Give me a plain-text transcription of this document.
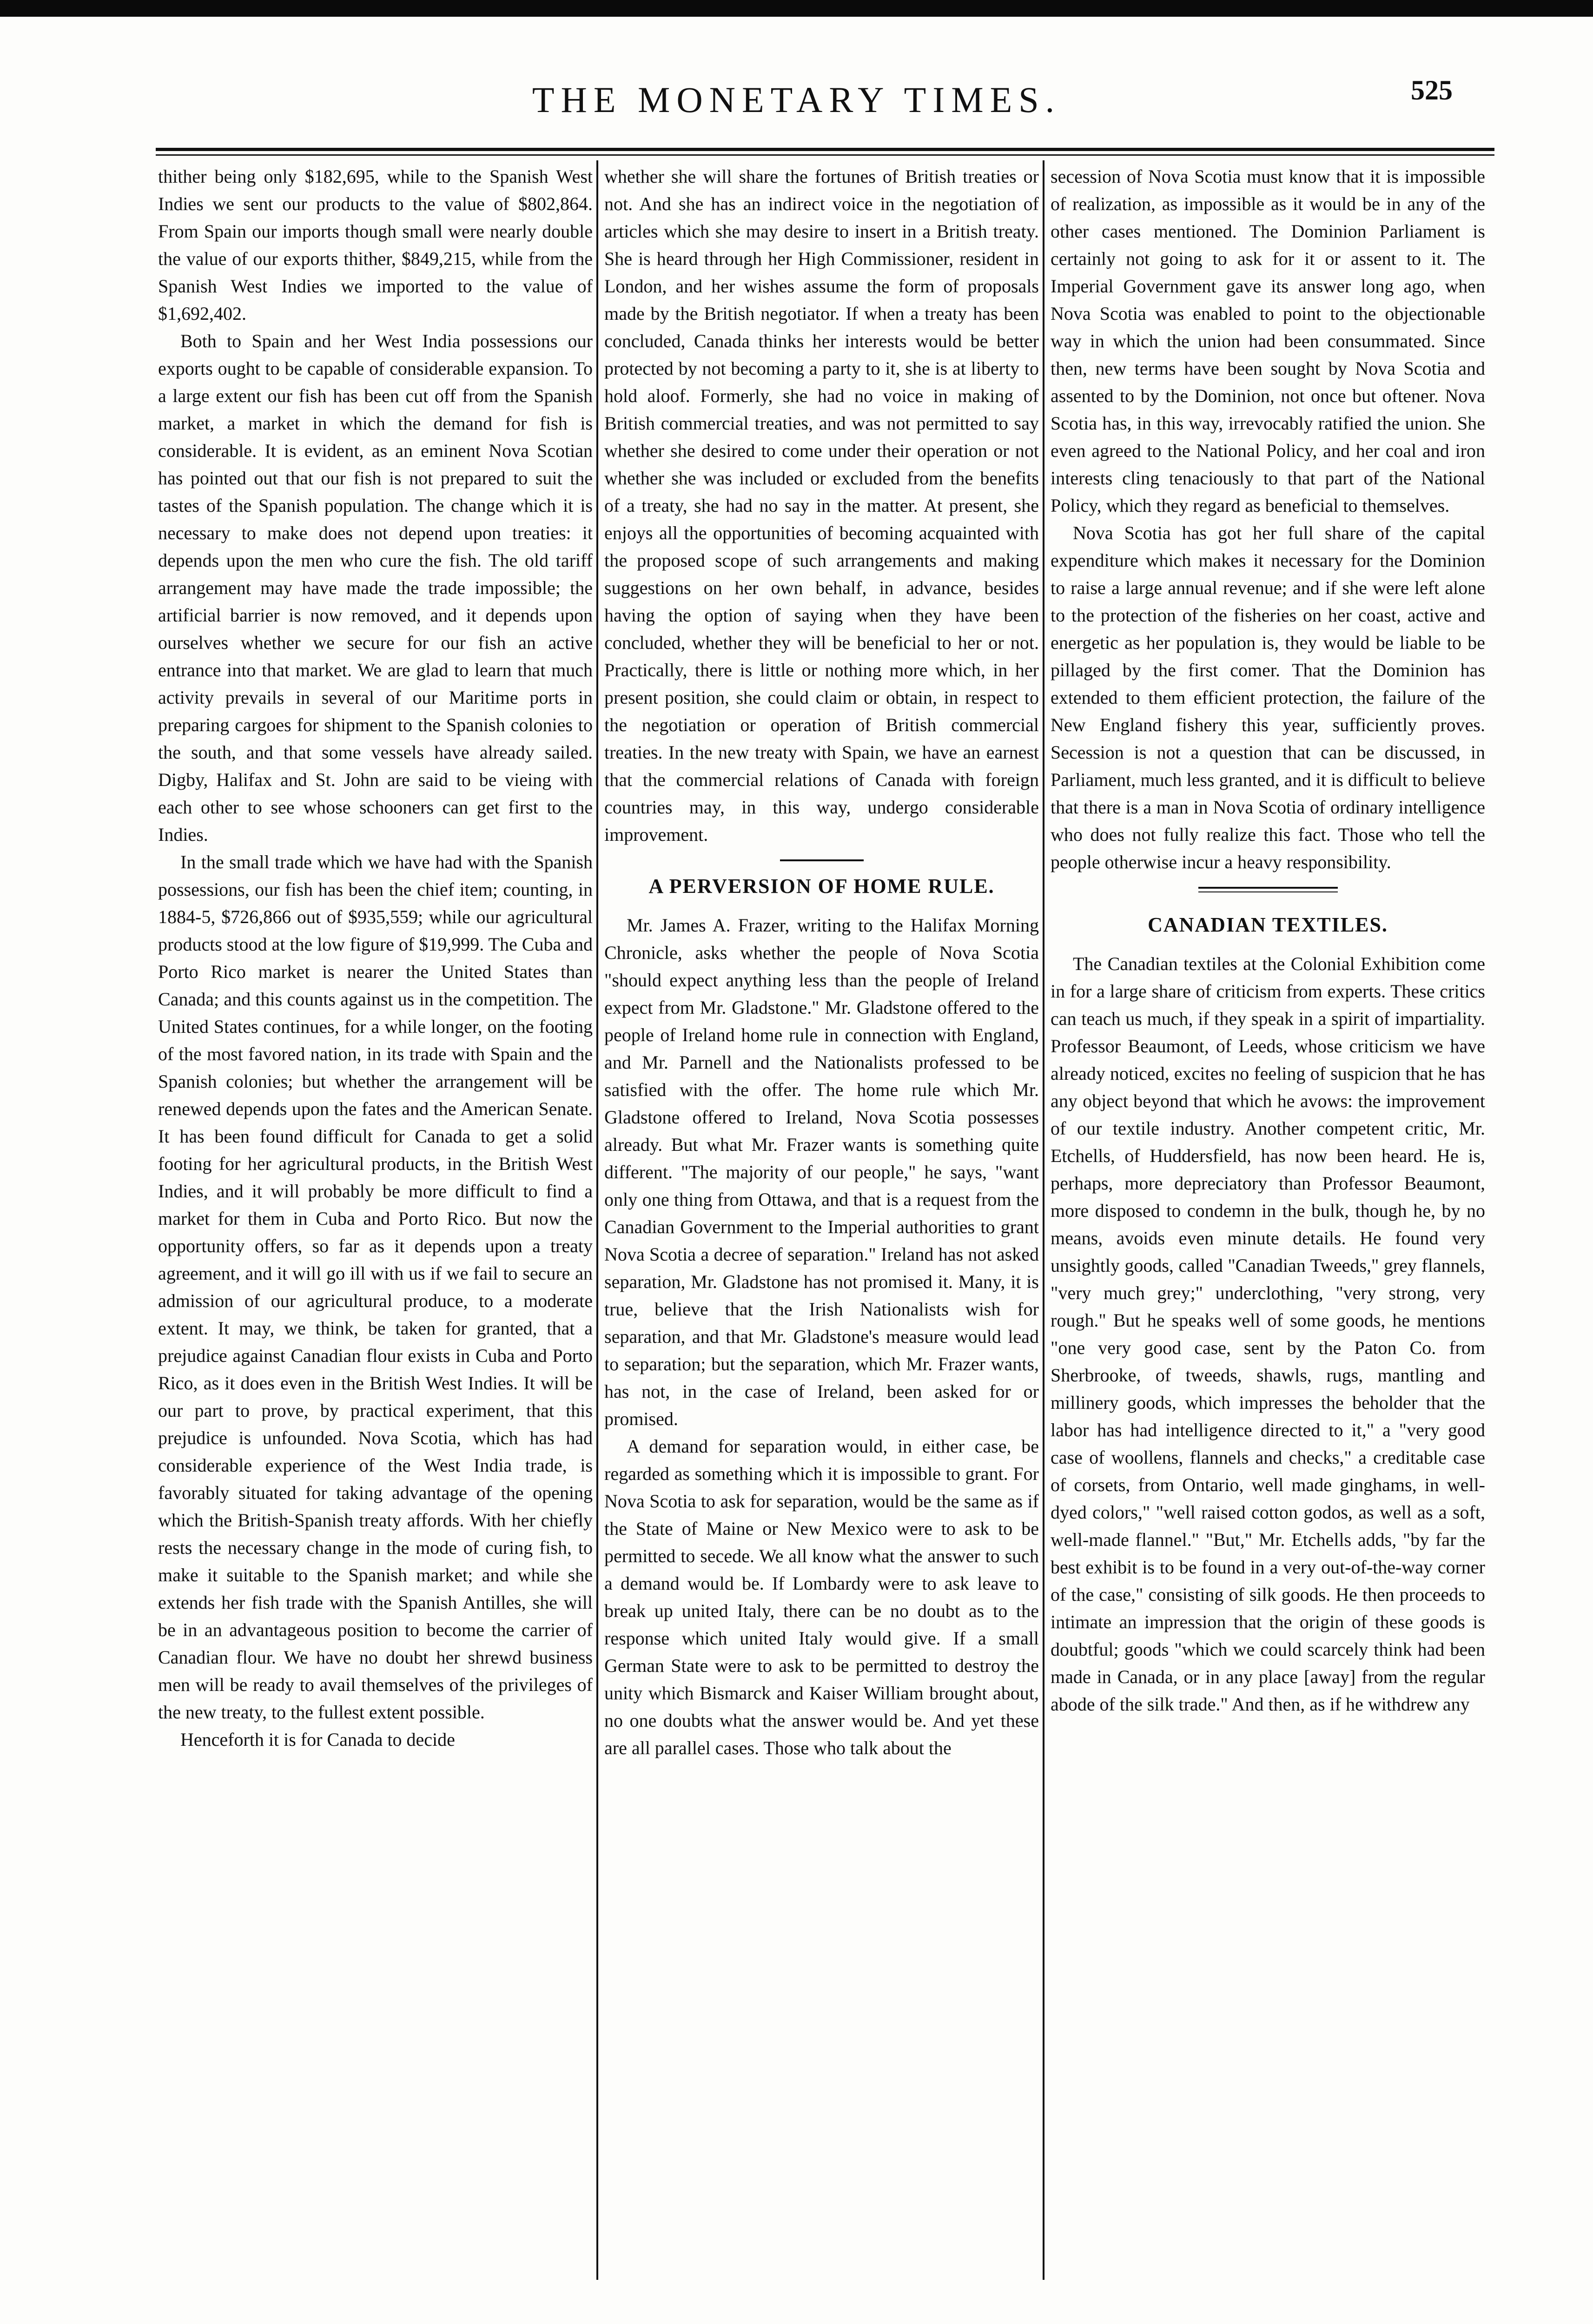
THE MONETARY TIMES.	525

thither being only $182,695, while to the Spanish West Indies we sent our products to the value of $802,864. From Spain our imports though small were nearly double the value of our exports thither, $849,215, while from the Spanish West Indies we imported to the value of $1,692,402.

Both to Spain and her West India possessions our exports ought to be capable of considerable expansion. To a large extent our fish has been cut off from the Spanish market, a market in which the demand for fish is considerable. It is evident, as an eminent Nova Scotian has pointed out that our fish is not prepared to suit the tastes of the Spanish population. The change which it is necessary to make does not depend upon treaties: it depends upon the men who cure the fish. The old tariff arrangement may have made the trade impossible; the artificial barrier is now removed, and it depends upon ourselves whether we secure for our fish an active entrance into that market. We are glad to learn that much activity prevails in several of our Maritime ports in preparing cargoes for shipment to the Spanish colonies to the south, and that some vessels have already sailed. Digby, Halifax and St. John are said to be vieing with each other to see whose schooners can get first to the Indies.

In the small trade which we have had with the Spanish possessions, our fish has been the chief item; counting, in 1884-5, $726,866 out of $935,559; while our agricultural products stood at the low figure of $19,999. The Cuba and Porto Rico market is nearer the United States than Canada; and this counts against us in the competition. The United States continues, for a while longer, on the footing of the most favored nation, in its trade with Spain and the Spanish colonies; but whether the arrangement will be renewed depends upon the fates and the American Senate. It has been found difficult for Canada to get a solid footing for her agricultural products, in the British West Indies, and it will probably be more difficult to find a market for them in Cuba and Porto Rico. But now the opportunity offers, so far as it depends upon a treaty agreement, and it will go ill with us if we fail to secure an admission of our agricultural produce, to a moderate extent. It may, we think, be taken for granted, that a prejudice against Canadian flour exists in Cuba and Porto Rico, as it does even in the British West Indies. It will be our part to prove, by practical experiment, that this prejudice is unfounded. Nova Scotia, which has had considerable experience of the West India trade, is favorably situated for taking advantage of the opening which the British-Spanish treaty affords. With her chiefly rests the necessary change in the mode of curing fish, to make it suitable to the Spanish market; and while she extends her fish trade with the Spanish Antilles, she will be in an advantageous position to become the carrier of Canadian flour. We have no doubt her shrewd business men will be ready to avail themselves of the privileges of the new treaty, to the fullest extent possible.

Henceforth it is for Canada to decide

whether she will share the fortunes of British treaties or not. And she has an indirect voice in the negotiation of articles which she may desire to insert in a British treaty. She is heard through her High Commissioner, resident in London, and her wishes assume the form of proposals made by the British negotiator. If when a treaty has been concluded, Canada thinks her interests would be better protected by not becoming a party to it, she is at liberty to hold aloof. Formerly, she had no voice in making of British commercial treaties, and was not permitted to say whether she desired to come under their operation or not whether she was included or excluded from the benefits of a treaty, she had no say in the matter. At present, she enjoys all the opportunities of becoming acquainted with the proposed scope of such arrangements and making suggestions on her own behalf, in advance, besides having the option of saying when they have been concluded, whether they will be beneficial to her or not. Practically, there is little or nothing more which, in her present position, she could claim or obtain, in respect to the negotiation or operation of British commercial treaties. In the new treaty with Spain, we have an earnest that the commercial relations of Canada with foreign countries may, in this way, undergo considerable improvement.

A PERVERSION OF HOME RULE.

Mr. James A. Frazer, writing to the Halifax Morning Chronicle, asks whether the people of Nova Scotia "should expect anything less than the people of Ireland expect from Mr. Gladstone." Mr. Gladstone offered to the people of Ireland home rule in connection with England, and Mr. Parnell and the Nationalists professed to be satisfied with the offer. The home rule which Mr. Gladstone offered to Ireland, Nova Scotia possesses already. But what Mr. Frazer wants is something quite different. "The majority of our people," he says, "want only one thing from Ottawa, and that is a request from the Canadian Government to the Imperial authorities to grant Nova Scotia a decree of separation." Ireland has not asked separation, Mr. Gladstone has not promised it. Many, it is true, believe that the Irish Nationalists wish for separation, and that Mr. Gladstone's measure would lead to separation; but the separation, which Mr. Frazer wants, has not, in the case of Ireland, been asked for or promised.

A demand for separation would, in either case, be regarded as something which it is impossible to grant. For Nova Scotia to ask for separation, would be the same as if the State of Maine or New Mexico were to ask to be permitted to secede. We all know what the answer to such a demand would be. If Lombardy were to ask leave to break up united Italy, there can be no doubt as to the response which united Italy would give. If a small German State were to ask to be permitted to destroy the unity which Bismarck and Kaiser William brought about, no one doubts what the answer would be. And yet these are all parallel cases. Those who talk about the

secession of Nova Scotia must know that it is impossible of realization, as impossible as it would be in any of the other cases mentioned. The Dominion Parliament is certainly not going to ask for it or assent to it. The Imperial Government gave its answer long ago, when Nova Scotia was enabled to point to the objectionable way in which the union had been consummated. Since then, new terms have been sought by Nova Scotia and assented to by the Dominion, not once but oftener. Nova Scotia has, in this way, irrevocably ratified the union. She even agreed to the National Policy, and her coal and iron interests cling tenaciously to that part of the National Policy, which they regard as beneficial to themselves.

Nova Scotia has got her full share of the capital expenditure which makes it necessary for the Dominion to raise a large annual revenue; and if she were left alone to the protection of the fisheries on her coast, active and energetic as her population is, they would be liable to be pillaged by the first comer. That the Dominion has extended to them efficient protection, the failure of the New England fishery this year, sufficiently proves. Secession is not a question that can be discussed, in Parliament, much less granted, and it is difficult to believe that there is a man in Nova Scotia of ordinary intelligence who does not fully realize this fact. Those who tell the people otherwise incur a heavy responsibility.

CANADIAN TEXTILES.

The Canadian textiles at the Colonial Exhibition come in for a large share of criticism from experts. These critics can teach us much, if they speak in a spirit of impartiality. Professor Beaumont, of Leeds, whose criticism we have already noticed, excites no feeling of suspicion that he has any object beyond that which he avows: the improvement of our textile industry. Another competent critic, Mr. Etchells, of Huddersfield, has now been heard. He is, perhaps, more depreciatory than Professor Beaumont, more disposed to condemn in the bulk, though he, by no means, avoids even minute details. He found very unsightly goods, called "Canadian Tweeds," grey flannels, "very much grey;" underclothing, "very strong, very rough." But he speaks well of some goods, he mentions "one very good case, sent by the Paton Co. from Sherbrooke, of tweeds, shawls, rugs, mantling and millinery goods, which impresses the beholder that the labor has had intelligence directed to it," a "very good case of woollens, flannels and checks," a creditable case of corsets, from Ontario, well made ginghams, in well-dyed colors," "well raised cotton godos, as well as a soft, well-made flannel." "But," Mr. Etchells adds, "by far the best exhibit is to be found in a very out-of-the-way corner of the case," consisting of silk goods. He then proceeds to intimate an impression that the origin of these goods is doubtful; goods "which we could scarcely think had been made in Canada, or in any place [away] from the regular abode of the silk trade." And then, as if he withdrew any
